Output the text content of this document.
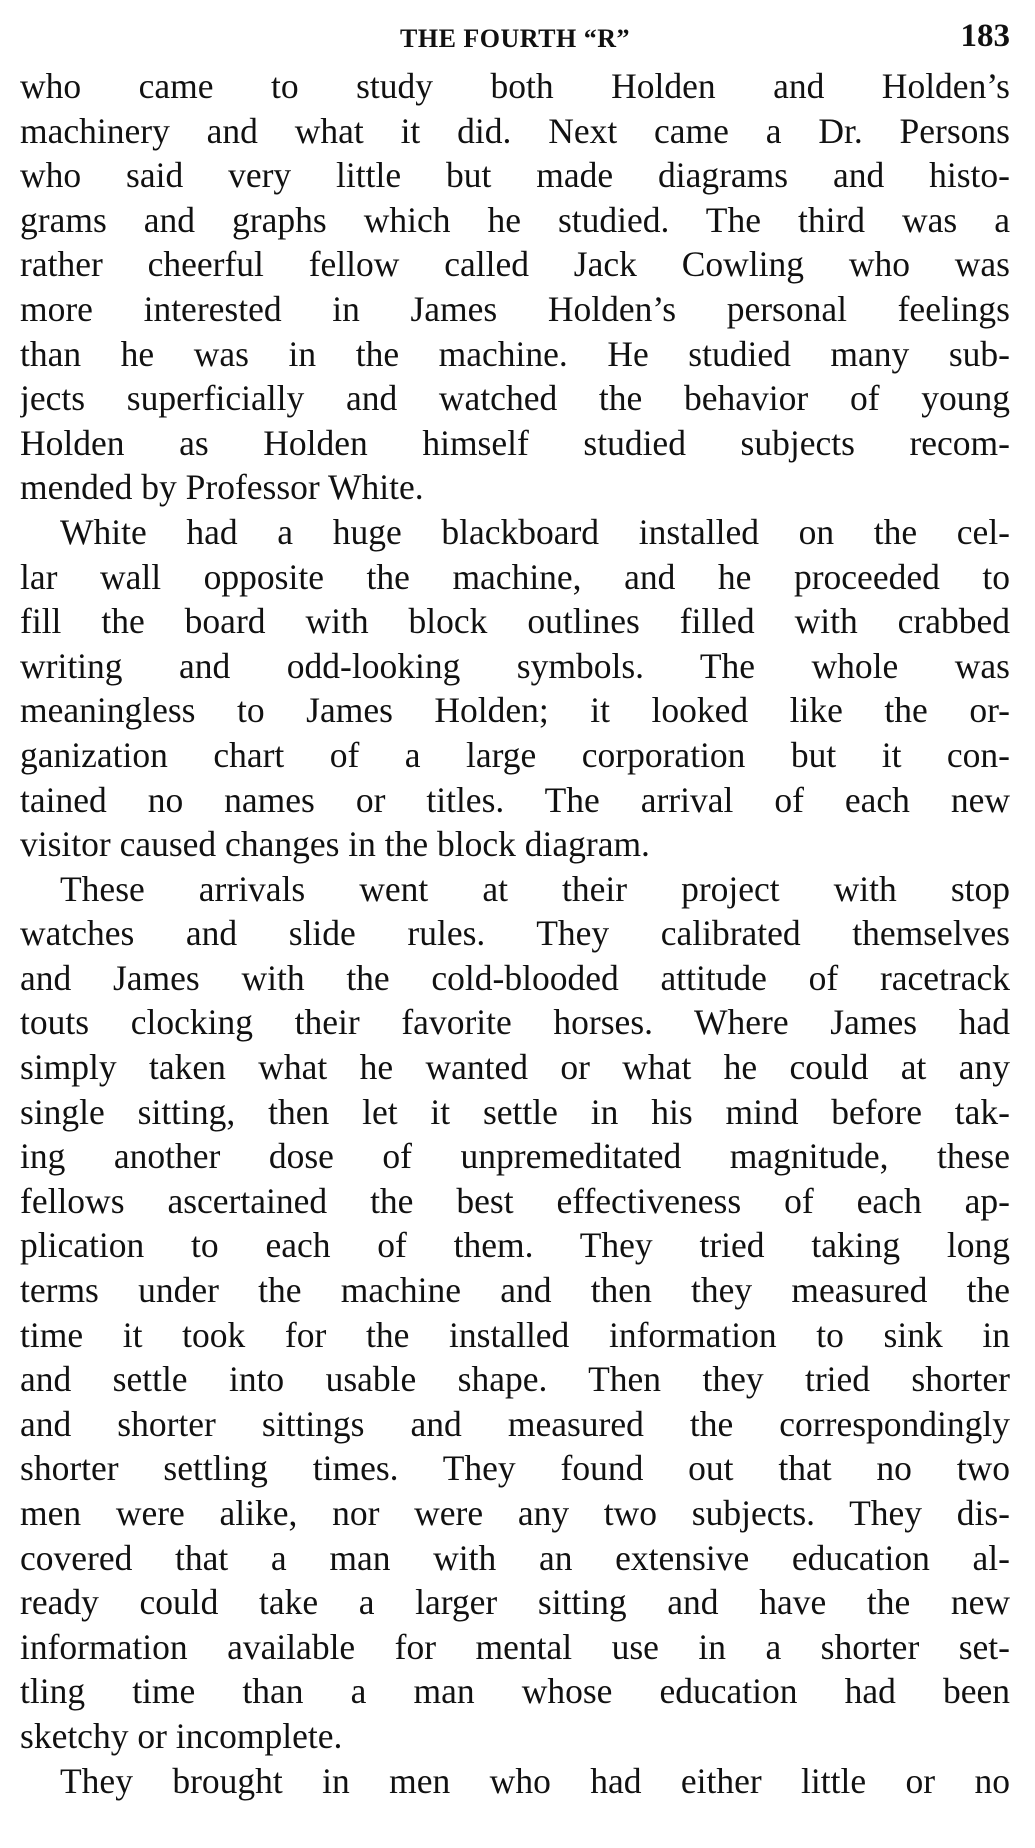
THE FOURTH “R”	183
who came to study both Holden and Holden’s
machinery and what it did. Next came a Dr. Persons
who said very little but made diagrams and histo-
grams and graphs which he studied. The third was a
rather cheerful fellow called Jack Cowling who was
more interested in James Holden’s personal feelings
than he was in the machine. He studied many sub-
jects superficially and watched the behavior of young
Holden as Holden himself studied subjects recom-
mended by Professor White.
White had a huge blackboard installed on the cel-
lar wall opposite the machine, and he proceeded to
fill the board with block outlines filled with crabbed
writing and odd-looking symbols. The whole was
meaningless to James Holden; it looked like the or-
ganization chart of a large corporation but it con-
tained no names or titles. The arrival of each new
visitor caused changes in the block diagram.
These arrivals went at their project with stop
watches and slide rules. They calibrated themselves
and James with the cold-blooded attitude of racetrack
touts clocking their favorite horses. Where James had
simply taken what he wanted or what he could at any
single sitting, then let it settle in his mind before tak-
ing another dose of unpremeditated magnitude, these
fellows ascertained the best effectiveness of each ap-
plication to each of them. They tried taking long
terms under the machine and then they measured the
time it took for the installed information to sink in
and settle into usable shape. Then they tried shorter
and shorter sittings and measured the correspondingly
shorter settling times. They found out that no two
men were alike, nor were any two subjects. They dis-
covered that a man with an extensive education al-
ready could take a larger sitting and have the new
information available for mental use in a shorter set-
tling time than a man whose education had been
sketchy or incomplete.
They brought in men who had either little or no
